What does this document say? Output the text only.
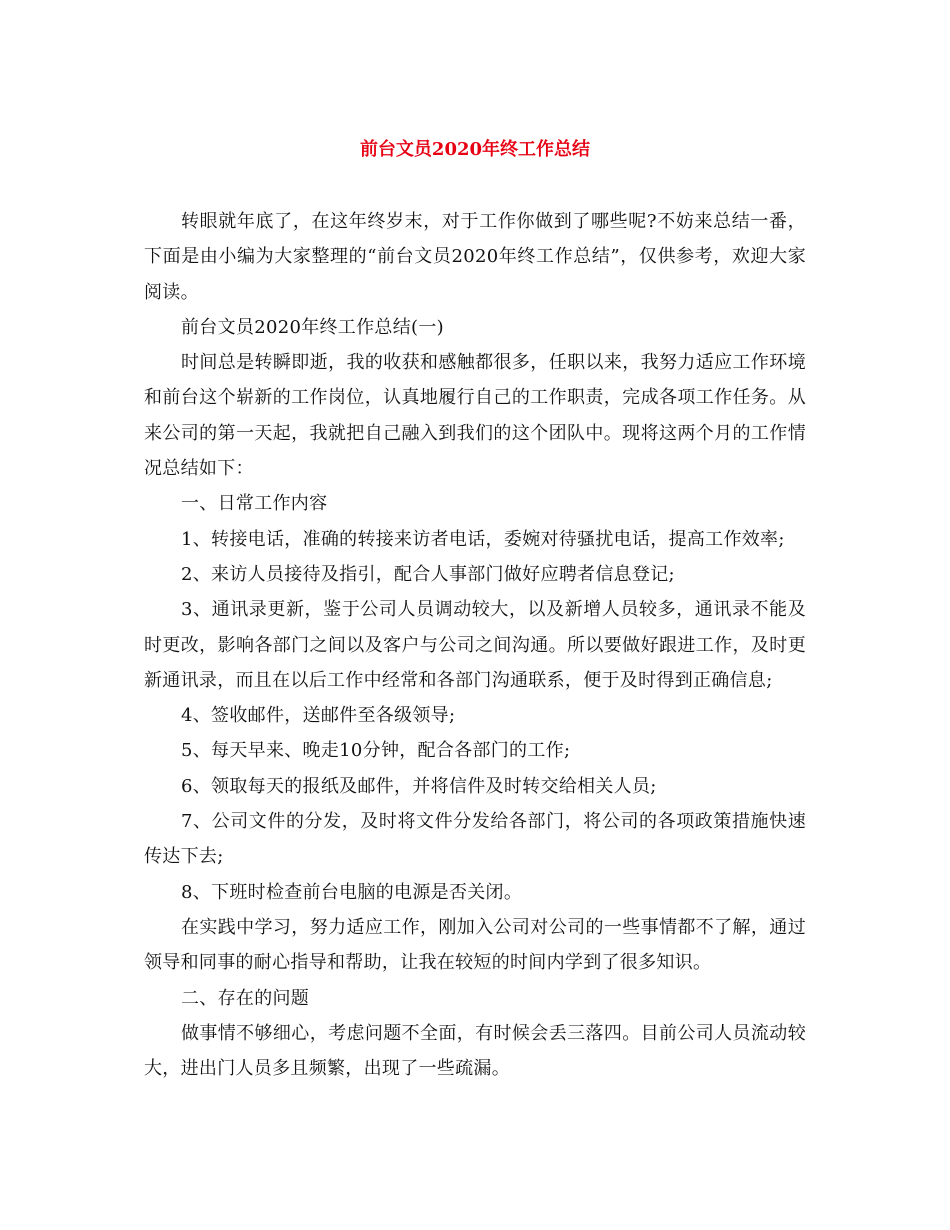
前台文员2020年终工作总结

转眼就年底了，在这年终岁末，对于工作你做到了哪些呢?不妨来总结一番，下面是由小编为大家整理的“前台文员2020年终工作总结”，仅供参考，欢迎大家阅读。

前台文员2020年终工作总结(一)

时间总是转瞬即逝，我的收获和感触都很多，任职以来，我努力适应工作环境和前台这个崭新的工作岗位，认真地履行自己的工作职责，完成各项工作任务。从来公司的第一天起，我就把自己融入到我们的这个团队中。现将这两个月的工作情况总结如下：

一、日常工作内容

1、转接电话，准确的转接来访者电话，委婉对待骚扰电话，提高工作效率;

2、来访人员接待及指引，配合人事部门做好应聘者信息登记;

3、通讯录更新，鉴于公司人员调动较大，以及新增人员较多，通讯录不能及时更改，影响各部门之间以及客户与公司之间沟通。所以要做好跟进工作，及时更新通讯录，而且在以后工作中经常和各部门沟通联系，便于及时得到正确信息;

4、签收邮件，送邮件至各级领导;

5、每天早来、晚走10分钟，配合各部门的工作;

6、领取每天的报纸及邮件，并将信件及时转交给相关人员;

7、公司文件的分发，及时将文件分发给各部门，将公司的各项政策措施快速传达下去;

8、下班时检查前台电脑的电源是否关闭。

在实践中学习，努力适应工作，刚加入公司对公司的一些事情都不了解，通过领导和同事的耐心指导和帮助，让我在较短的时间内学到了很多知识。

二、存在的问题

做事情不够细心，考虑问题不全面，有时候会丢三落四。目前公司人员流动较大，进出门人员多且频繁，出现了一些疏漏。
